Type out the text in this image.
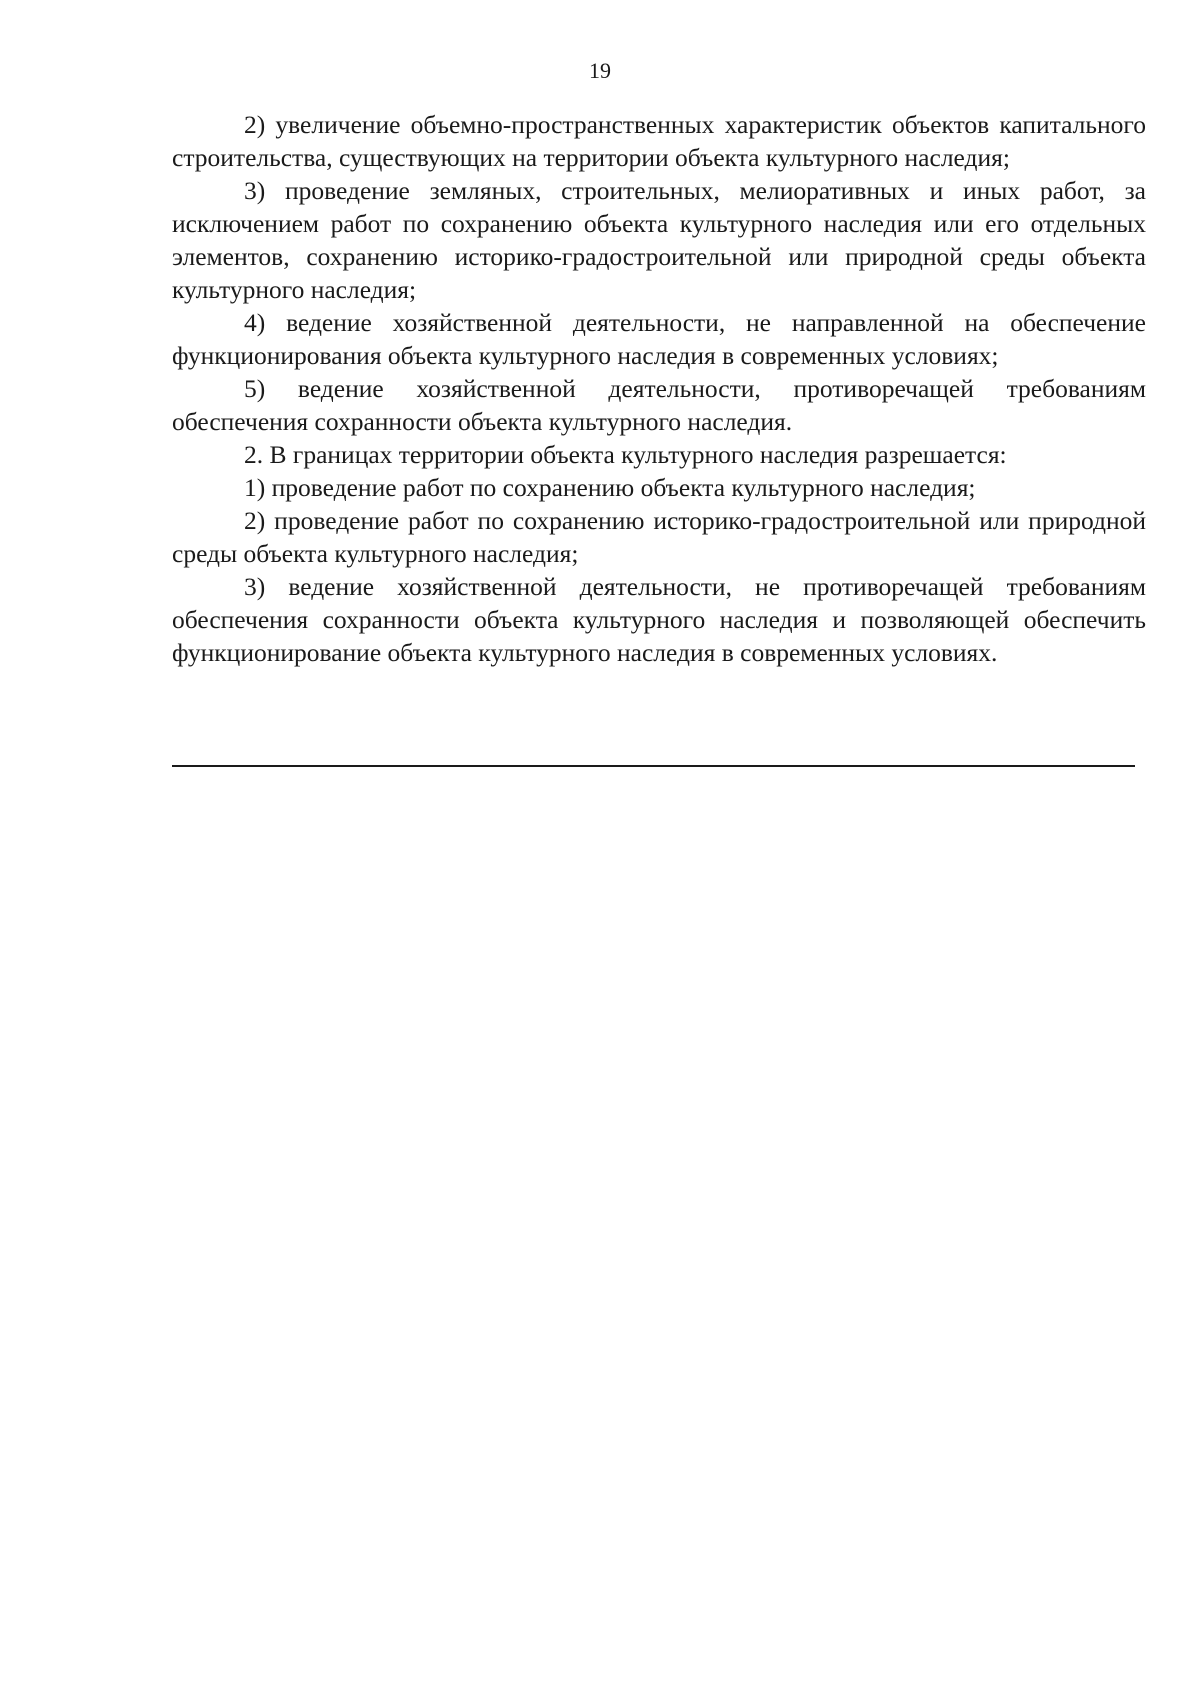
19

2) увеличение объемно-пространственных характеристик объектов капитального строительства, существующих на территории объекта культурного наследия;

3) проведение земляных, строительных, мелиоративных и иных работ, за исключением работ по сохранению объекта культурного наследия или его отдельных элементов, сохранению историко-градостроительной или природной среды объекта культурного наследия;

4) ведение хозяйственной деятельности, не направленной на обеспечение функционирования объекта культурного наследия в современных условиях;

5) ведение хозяйственной деятельности, противоречащей требованиям обеспечения сохранности объекта культурного наследия.

2. В границах территории объекта культурного наследия разрешается:

1) проведение работ по сохранению объекта культурного наследия;

2) проведение работ по сохранению историко-градостроительной или природной среды объекта культурного наследия;

3) ведение хозяйственной деятельности, не противоречащей требованиям обеспечения сохранности объекта культурного наследия и позволяющей обеспечить функционирование объекта культурного наследия в современных условиях.
